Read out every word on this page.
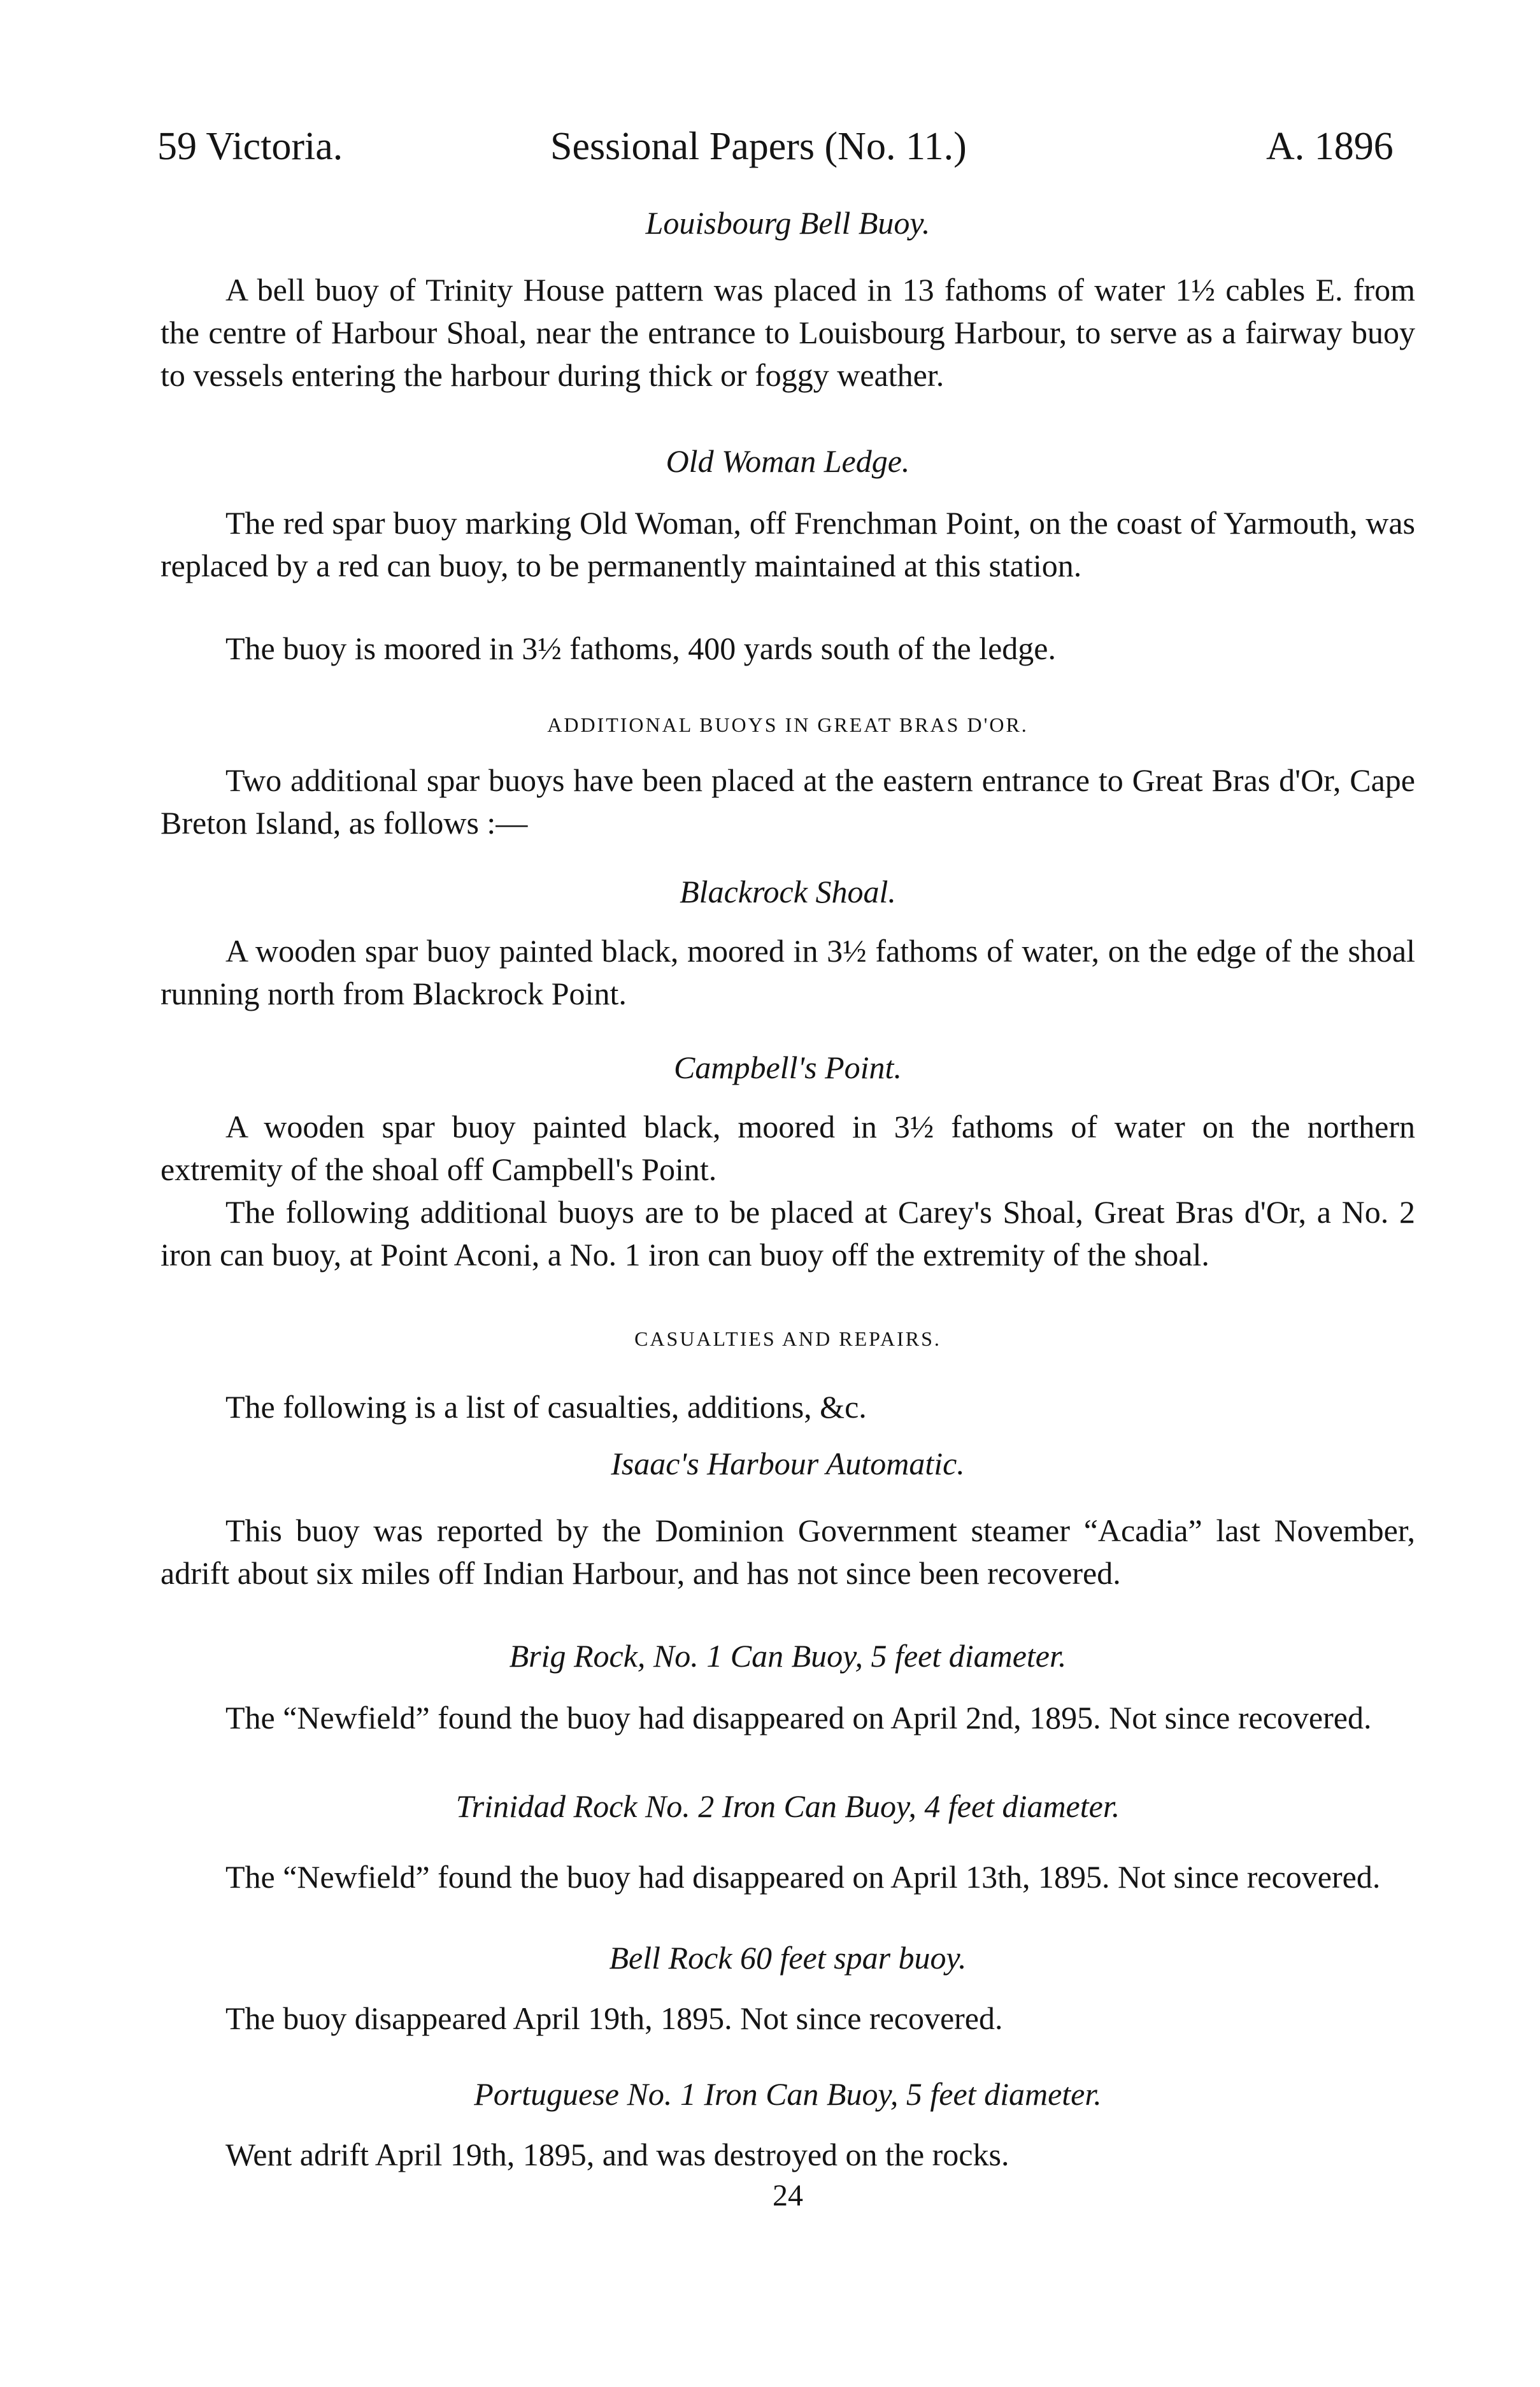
59 Victoria.	Sessional Papers (No. 11.)	A. 1896
Louisbourg Bell Buoy.

A bell buoy of Trinity House pattern was placed in 13 fathoms of water 1½ cables E. from the centre of Harbour Shoal, near the entrance to Louisbourg Harbour, to serve as a fairway buoy to vessels entering the harbour during thick or foggy weather.

Old Woman Ledge.

The red spar buoy marking Old Woman, off Frenchman Point, on the coast of Yarmouth, was replaced by a red can buoy, to be permanently maintained at this station.

The buoy is moored in 3½ fathoms, 400 yards south of the ledge.

ADDITIONAL BUOYS IN GREAT BRAS D'OR.

Two additional spar buoys have been placed at the eastern entrance to Great Bras d'Or, Cape Breton Island, as follows :—

Blackrock Shoal.

A wooden spar buoy painted black, moored in 3½ fathoms of water, on the edge of the shoal running north from Blackrock Point.

Campbell's Point.

A wooden spar buoy painted black, moored in 3½ fathoms of water on the northern extremity of the shoal off Campbell's Point.

The following additional buoys are to be placed at Carey's Shoal, Great Bras d'Or, a No. 2 iron can buoy, at Point Aconi, a No. 1 iron can buoy off the extremity of the shoal.

CASUALTIES AND REPAIRS.

The following is a list of casualties, additions, &c.

Isaac's Harbour Automatic.

This buoy was reported by the Dominion Government steamer “Acadia” last November, adrift about six miles off Indian Harbour, and has not since been recovered.

Brig Rock, No. 1 Can Buoy, 5 feet diameter.

The “Newfield” found the buoy had disappeared on April 2nd, 1895. Not since recovered.

Trinidad Rock No. 2 Iron Can Buoy, 4 feet diameter.

The “Newfield” found the buoy had disappeared on April 13th, 1895. Not since recovered.

Bell Rock 60 feet spar buoy.

The buoy disappeared April 19th, 1895. Not since recovered.

Portuguese No. 1 Iron Can Buoy, 5 feet diameter.

Went adrift April 19th, 1895, and was destroyed on the rocks.

24
